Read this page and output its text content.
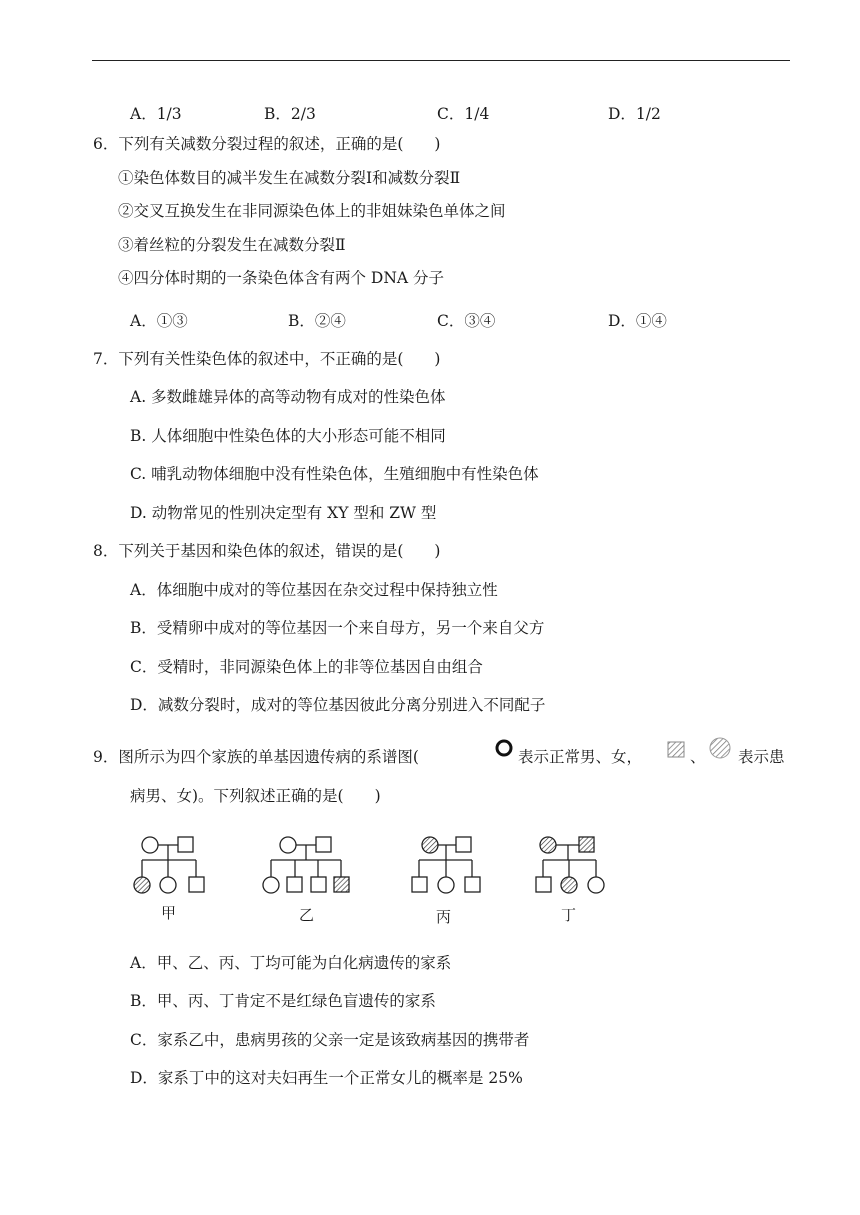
A．1/3	B．2/3	C．1/4	D．1/2
6．下列有关减数分裂过程的叙述，正确的是(　　)
①染色体数目的减半发生在减数分裂Ⅰ和减数分裂Ⅱ
②交叉互换发生在非同源染色体上的非姐妹染色单体之间
③着丝粒的分裂发生在减数分裂Ⅱ
④四分体时期的一条染色体含有两个 DNA 分子
A．①③	B．②④	C．③④	D．①④
7．下列有关性染色体的叙述中，不正确的是(　　)
A. 多数雌雄异体的高等动物有成对的性染色体
B. 人体细胞中性染色体的大小形态可能不相同
C. 哺乳动物体细胞中没有性染色体，生殖细胞中有性染色体
D. 动物常见的性别决定型有 XY 型和 ZW 型
8．下列关于基因和染色体的叙述，错误的是(　　)
A．体细胞中成对的等位基因在杂交过程中保持独立性
B．受精卵中成对的等位基因一个来自母方，另一个来自父方
C．受精时，非同源染色体上的非等位基因自由组合
D．减数分裂时，成对的等位基因彼此分离分别进入不同配子
9．图所示为四个家族的单基因遗传病的系谱图(	表示正常男、女，	、 表示患
病男、女)。下列叙述正确的是(　　)
甲	乙	丙	丁
A．甲、乙、丙、丁均可能为白化病遗传的家系
B．甲、丙、丁肯定不是红绿色盲遗传的家系
C．家系乙中，患病男孩的父亲一定是该致病基因的携带者
D．家系丁中的这对夫妇再生一个正常女儿的概率是 25%
